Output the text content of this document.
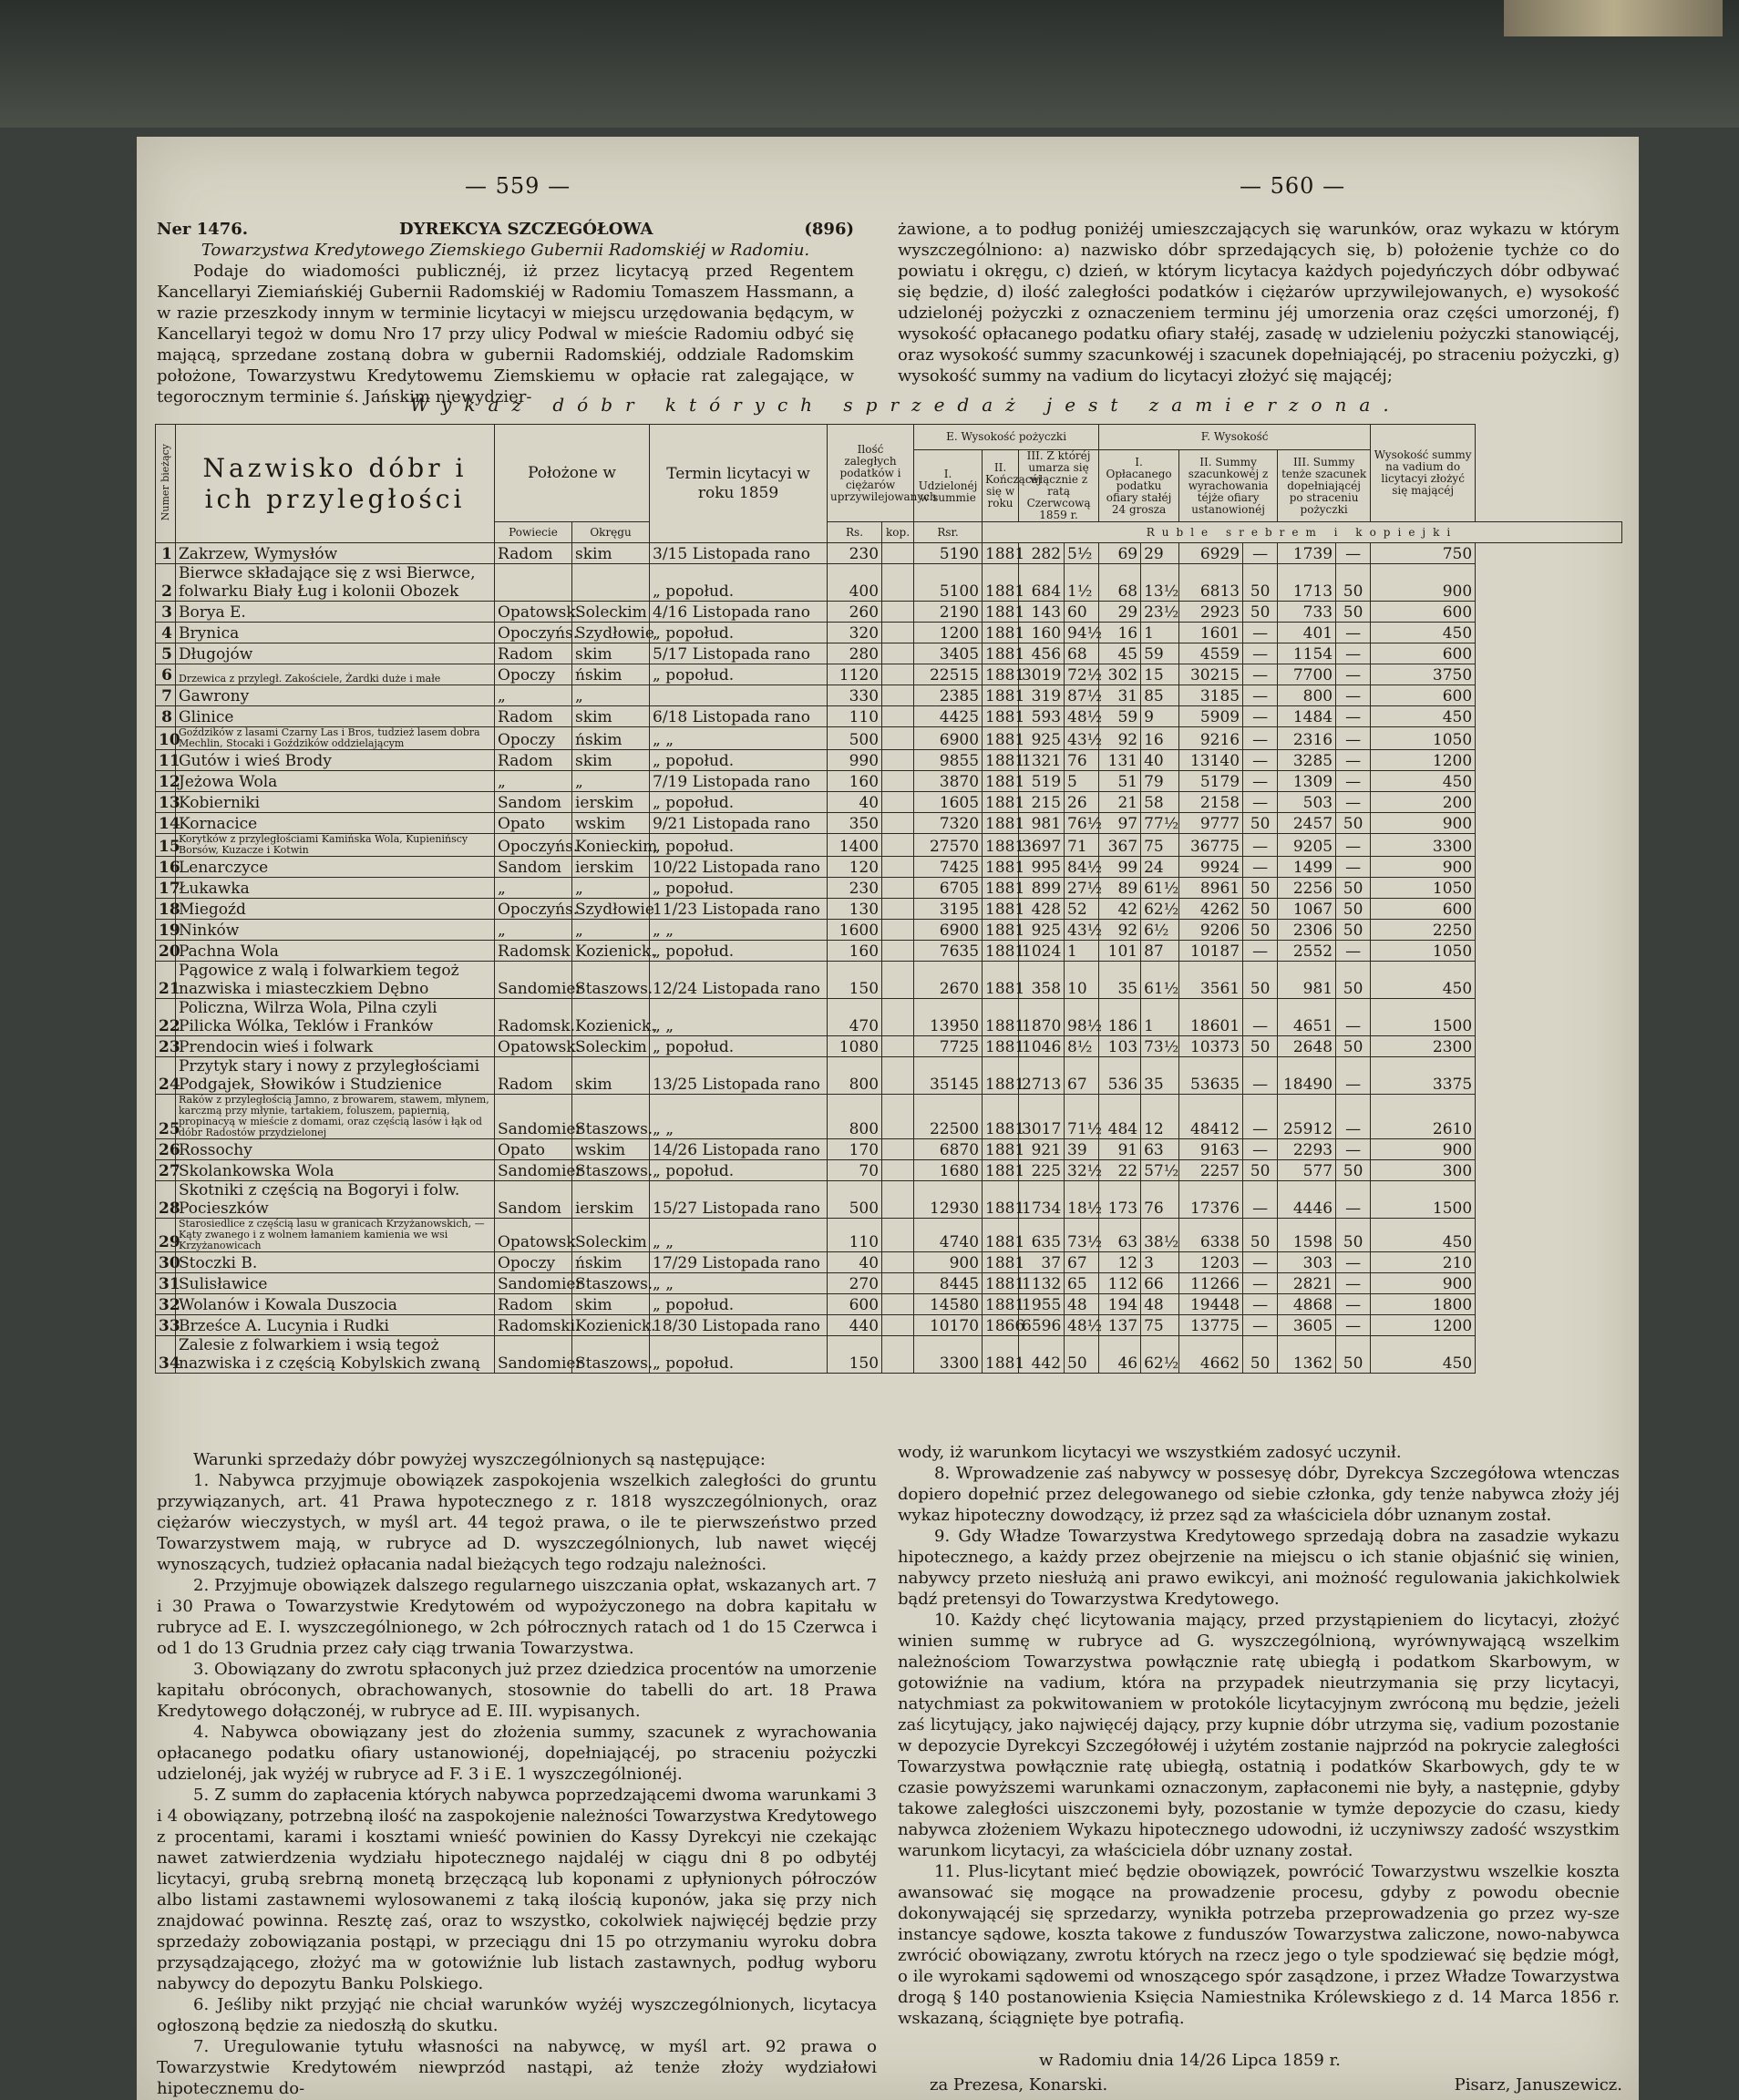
— 559 —	— 560 —
Ner 1476.	DYREKCYA SZCZEGÓŁOWA	(896)
Towarzystwa Kredytowego Ziemskiego Gubernii Radomskiéj w Radomiu.

Podaje do wiadomości publicznéj, iż przez licytacyą przed Regentem Kancellaryi Ziemiańskiéj Gubernii Radomskiéj w Radomiu Tomaszem Hassmann, a w razie przeszkody innym w terminie licytacyi w miejscu urzędowania będącym, w Kancellaryi tegoż w domu Nro 17 przy ulicy Podwal w mieście Radomiu odbyć się mającą, sprzedane zostaną dobra w gubernii Radomskiéj, oddziale Radomskim położone, Towarzystwu Kredytowemu Ziemskiemu w opłacie rat zalegające, w tegorocznym terminie ś. Jańskim niewydzier-

żawione, a to podług poniżéj umieszczających się warunków, oraz wykazu w którym wyszczególniono: a) nazwisko dóbr sprzedających się, b) położenie tychże co do powiatu i okręgu, c) dzień, w którym licytacya każdych pojedyńczych dóbr odbywać się będzie, d) ilość zaległości podatków i ciężarów uprzywilejowanych, e) wysokość udzielonéj pożyczki z oznaczeniem terminu jéj umorzenia oraz części umorzonéj, f) wysokość opłacanego podatku ofiary stałéj, zasadę w udzieleniu pożyczki stanowiącéj, oraz wysokość summy szacunkowéj i szacunek dopełniającéj, po straceniu pożyczki, g) wysokość summy na vadium do licytacyi złożyć się mającéj;

Wykaz dóbr których sprzedaż jest zamierzona.
Numer bieżący	Nazwisko dóbr i ich przyległości	Położone w		Termin licytacyi w roku 1859	Ilość zaległych podatków i ciężarów uprzywilejowanych		E. Wysokość pożyczki				F. Wysokość						Wysokość summy na vadium do licytacyi złożyć się mającéj
							I. Udzielonéj w summie	II. Kończącéj się w roku	III. Z któréj umarza się włącznie z ratą Czerwcową 1859 r.		I. Opłacanego podatku ofiary stałéj 24 grosza		II. Summy szacunkowéj z wyrachowania téjże ofiary ustanowionéj		III. Summy tenże szacunek dopełniającéj po straceniu pożyczki		
		Powiecie	Okręgu		Rs.	kop.	Rsr.	Ruble srebrem i kopiejki									
1	Zakrzew, Wymysłów	Radom	skim	3/15 Listopada rano	230		5190	1881	282	5½	69	29	6929	—	1739	—	750
2	Bierwce składające się z wsi Bierwce, folwarku Biały Ług i kolonii Obozek			„ popołud.	400		5100	1881	684	1½	68	13½	6813	50	1713	50	900
3	Borya E.	Opatowsk.	Soleckim	4/16 Listopada rano	260		2190	1881	143	60	29	23½	2923	50	733	50	600
4	Brynica	Opoczyńs.	Szydłowie	„ popołud.	320		1200	1881	160	94½	16	1	1601	—	401	—	450
5	Długojów	Radom	skim	5/17 Listopada rano	280		3405	1881	456	68	45	59	4559	—	1154	—	600
6	Drzewica z przyległ. Zakościele, Żardki duże i małe	Opoczy	ńskim	„ popołud.	1120		22515	1881	3019	72½	302	15	30215	—	7700	—	3750
7	Gawrony	„	„		330		2385	1881	319	87½	31	85	3185	—	800	—	600
8	Glinice	Radom	skim	6/18 Listopada rano	110		4425	1881	593	48½	59	9	5909	—	1484	—	450
10	Goździków z lasami Czarny Las i Bros, tudzież lasem dobra Mechlin, Stocaki i Goździków oddzielającym	Opoczy	ńskim	„ „	500		6900	1881	925	43½	92	16	9216	—	2316	—	1050
11	Gutów i wieś Brody	Radom	skim	„ popołud.	990		9855	1881	1321	76	131	40	13140	—	3285	—	1200
12	Jeżowa Wola	„	„	7/19 Listopada rano	160		3870	1881	519	5	51	79	5179	—	1309	—	450
13	Kobierniki	Sandom	ierskim	„ popołud.	40		1605	1881	215	26	21	58	2158	—	503	—	200
14	Kornacice	Opato	wskim	9/21 Listopada rano	350		7320	1881	981	76½	97	77½	9777	50	2457	50	900
15	Korytków z przyległościami Kamińska Wola, Kupienińscy Borsów, Kuzacze i Kotwin	Opoczyńs.	Konieckim	„ popołud.	1400		27570	1881	3697	71	367	75	36775	—	9205	—	3300
16	Lenarczyce	Sandom	ierskim	10/22 Listopada rano	120		7425	1881	995	84½	99	24	9924	—	1499	—	900
17	Łukawka	„	„	„ popołud.	230		6705	1881	899	27½	89	61½	8961	50	2256	50	1050
18	Miegoźd	Opoczyńs.	Szydłowie	11/23 Listopada rano	130		3195	1881	428	52	42	62½	4262	50	1067	50	600
19	Ninków	„	„	„ „	1600		6900	1881	925	43½	92	6½	9206	50	2306	50	2250
20	Pachna Wola	Radomsk	Kozienick.	„ popołud.	160		7635	1881	1024	1	101	87	10187	—	2552	—	1050
21	Pągowice z walą i folwarkiem tegoż nazwiska i miasteczkiem Dębno	Sandomier	Staszows.	12/24 Listopada rano	150		2670	1881	358	10	35	61½	3561	50	981	50	450
22	Policzna, Wilrza Wola, Pilna czyli Pilicka Wólka, Teklów i Franków	Radomsk.	Kozienick.	„ „	470		13950	1881	1870	98½	186	1	18601	—	4651	—	1500
23	Prendocin wieś i folwark	Opatowsk.	Soleckim	„ popołud.	1080		7725	1881	1046	8½	103	73½	10373	50	2648	50	2300
24	Przytyk stary i nowy z przyległościami Podgajek, Słowików i Studzienice	Radom	skim	13/25 Listopada rano	800		35145	1881	2713	67	536	35	53635	—	18490	—	3375
25	Raków z przyległością Jamno, z browarem, stawem, młynem, karczmą przy młynie, tartakiem, foluszem, papiernią, propinacyą w mieście z domami, oraz częścią lasów i łąk od dóbr Radostów przydzielonej	Sandomier	Staszows.	„ „	800		22500	1881	3017	71½	484	12	48412	—	25912	—	2610
26	Rossochy	Opato	wskim	14/26 Listopada rano	170		6870	1881	921	39	91	63	9163	—	2293	—	900
27	Skolankowska Wola	Sandomier	Staszows.	„ popołud.	70		1680	1881	225	32½	22	57½	2257	50	577	50	300
28	Skotniki z częścią na Bogoryi i folw. Pocieszków	Sandom	ierskim	15/27 Listopada rano	500		12930	1881	1734	18½	173	76	17376	—	4446	—	1500
29	Starosiedlice z częścią lasu w granicach Krzyżanowskich, — Kąty zwanego i z wolnem łamaniem kamienia we wsi Krzyżanowicach	Opatowsk	Soleckim	„ „	110		4740	1881	635	73½	63	38½	6338	50	1598	50	450
30	Stoczki B.	Opoczy	ńskim	17/29 Listopada rano	40		900	1881	37	67	12	3	1203	—	303	—	210
31	Sulisławice	Sandomier	Staszows.	„ „	270		8445	1881	1132	65	112	66	11266	—	2821	—	900
32	Wolanów i Kowala Duszocia	Radom	skim	„ popołud.	600		14580	1881	1955	48	194	48	19448	—	4868	—	1800
33	Brześce A. Lucynia i Rudki	Radomski.	Kozienick.	18/30 Listopada rano	440		10170	1866	6596	48½	137	75	13775	—	3605	—	1200
34	Zalesie z folwarkiem i wsią tegoż nazwiska i z częścią Kobylskich zwaną	Sandomier	Staszows.	„ popołud.	150		3300	1881	442	50	46	62½	4662	50	1362	50	450

Warunki sprzedaży dóbr powyżej wyszczególnionych są następujące:

1. Nabywca przyjmuje obowiązek zaspokojenia wszelkich zaległości do gruntu przywiązanych, art. 41 Prawa hypotecznego z r. 1818 wyszczególnionych, oraz ciężarów wieczystych, w myśl art. 44 tegoż prawa, o ile te pierwszeństwo przed Towarzystwem mają, w rubryce ad D. wyszczególnionych, lub nawet więcéj wynoszących, tudzież opłacania nadal bieżących tego rodzaju należności.

2. Przyjmuje obowiązek dalszego regularnego uiszczania opłat, wskazanych art. 7 i 30 Prawa o Towarzystwie Kredytowém od wypożyczonego na dobra kapitału w rubryce ad E. I. wyszczególnionego, w 2ch półrocznych ratach od 1 do 15 Czerwca i od 1 do 13 Grudnia przez cały ciąg trwania Towarzystwa.

3. Obowiązany do zwrotu spłaconych już przez dziedzica procentów na umorzenie kapitału obróconych, obrachowanych, stosownie do tabelli do art. 18 Prawa Kredytowego dołączonéj, w rubryce ad E. III. wypisanych.

4. Nabywca obowiązany jest do złożenia summy, szacunek z wyrachowania opłacanego podatku ofiary ustanowionéj, dopełniającéj, po straceniu pożyczki udzielonéj, jak wyżéj w rubryce ad F. 3 i E. 1 wyszczególnionéj.

5. Z summ do zapłacenia których nabywca poprzedzającemi dwoma warunkami 3 i 4 obowiązany, potrzebną ilość na zaspokojenie należności Towarzystwa Kredytowego z procentami, karami i kosztami wnieść powinien do Kassy Dyrekcyi nie czekając nawet zatwierdzenia wydziału hipotecznego najdaléj w ciągu dni 8 po odbytéj licytacyi, grubą srebrną monetą brzęczącą lub koponami z upłynionych półroczów albo listami zastawnemi wylosowanemi z taką ilością kuponów, jaka się przy nich znajdować powinna. Resztę zaś, oraz to wszystko, cokolwiek najwięcéj będzie przy sprzedaży zobowiązania postąpi, w przeciągu dni 15 po otrzymaniu wyroku dobra przysądzającego, złożyć ma w gotowiźnie lub listach zastawnych, podług wyboru nabywcy do depozytu Banku Polskiego.

6. Jeśliby nikt przyjąć nie chciał warunków wyżéj wyszczególnionych, licytacya ogłoszoną będzie za niedoszłą do skutku.

7. Uregulowanie tytułu własności na nabywcę, w myśl art. 92 prawa o Towarzystwie Kredytowém niewprzód nastąpi, aż tenże złoży wydziałowi hipotecznemu do-

wody, iż warunkom licytacyi we wszystkiém zadosyć uczynił.

8. Wprowadzenie zaś nabywcy w possesyę dóbr, Dyrekcya Szczegółowa wtenczas dopiero dopełnić przez delegowanego od siebie członka, gdy tenże nabywca złoży jéj wykaz hipoteczny dowodzący, iż przez sąd za właściciela dóbr uznanym został.

9. Gdy Władze Towarzystwa Kredytowego sprzedają dobra na zasadzie wykazu hipotecznego, a każdy przez obejrzenie na miejscu o ich stanie objaśnić się winien, nabywcy przeto niesłużą ani prawo ewikcyi, ani możność regulowania jakichkolwiek bądź pretensyi do Towarzystwa Kredytowego.

10. Każdy chęć licytowania mający, przed przystąpieniem do licytacyi, złożyć winien summę w rubryce ad G. wyszczególnioną, wyrównywającą wszelkim należnościom Towarzystwa powłącznie ratę ubiegłą i podatkom Skarbowym, w gotowiźnie na vadium, która na przypadek nieutrzymania się przy licytacyi, natychmiast za pokwitowaniem w protokóle licytacyjnym zwróconą mu będzie, jeżeli zaś licytujący, jako najwięcéj dający, przy kupnie dóbr utrzyma się, vadium pozostanie w depozycie Dyrekcyi Szczegółowéj i użytém zostanie najprzód na pokrycie zaległości Towarzystwa powłącznie ratę ubiegłą, ostatnią i podatków Skarbowych, gdy te w czasie powyższemi warunkami oznaczonym, zapłaconemi nie były, a następnie, gdyby takowe zaległości uiszczonemi były, pozostanie w tymże depozycie do czasu, kiedy nabywca złożeniem Wykazu hipotecznego udowodni, iż uczyniwszy zadość wszystkim warunkom licytacyi, za właściciela dóbr uznany został.

11. Plus-licytant mieć będzie obowiązek, powrócić Towarzystwu wszelkie koszta awansować się mogące na prowadzenie procesu, gdyby z powodu obecnie dokonywającéj się sprzedarzy, wynikła potrzeba przeprowadzenia go przez wy-sze instancye sądowe, koszta takowe z funduszów Towarzystwa zaliczone, nowo-nabywca zwrócić obowiązany, zwrotu których na rzecz jego o tyle spodziewać się będzie mógł, o ile wyrokami sądowemi od wnoszącego spór zasądzone, i przez Władze Towarzystwa drogą § 140 postanowienia Księcia Namiestnika Królewskiego z d. 14 Marca 1856 r. wskazaną, ściągnięte bye potrafią.

w Radomiu dnia 14/26 Lipca 1859 r.
za Prezesa, Konarski.	Pisarz, Januszewicz.
